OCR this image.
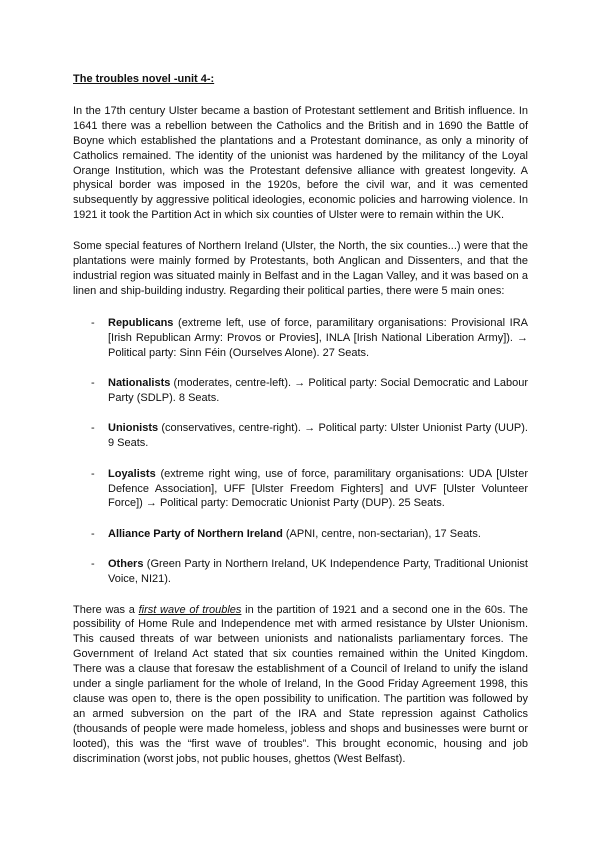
The troubles novel -unit 4-:

In the 17th century Ulster became a bastion of Protestant settlement and British influence. In 1641 there was a rebellion between the Catholics and the British and in 1690 the Battle of Boyne which established the plantations and a Protestant dominance, as only a minority of Catholics remained. The identity of the unionist was hardened by the militancy of the Loyal Orange Institution, which was the Protestant defensive alliance with greatest longevity. A physical border was imposed in the 1920s, before the civil war, and it was cemented subsequently by aggressive political ideologies, economic policies and harrowing violence. In 1921 it took the Partition Act in which six counties of Ulster were to remain within the UK.

Some special features of Northern Ireland (Ulster, the North, the six counties...) were that the plantations were mainly formed by Protestants, both Anglican and Dissenters, and that the industrial region was situated mainly in Belfast and in the Lagan Valley, and it was based on a linen and ship-building industry. Regarding their political parties, there were 5 main ones:

- Republicans (extreme left, use of force, paramilitary organisations: Provisional IRA [Irish Republican Army: Provos or Provies], INLA [Irish National Liberation Army]). → Political party: Sinn Féin (Ourselves Alone). 27 Seats.
- Nationalists (moderates, centre-left). → Political party: Social Democratic and Labour Party (SDLP). 8 Seats.
- Unionists (conservatives, centre-right). → Political party: Ulster Unionist Party (UUP). 9 Seats.
- Loyalists (extreme right wing, use of force, paramilitary organisations: UDA [Ulster Defence Association], UFF [Ulster Freedom Fighters] and UVF [Ulster Volunteer Force]) → Political party: Democratic Unionist Party (DUP). 25 Seats.
- Alliance Party of Northern Ireland (APNI, centre, non-sectarian), 17 Seats.
- Others (Green Party in Northern Ireland, UK Independence Party, Traditional Unionist Voice, NI21).

There was a first wave of troubles in the partition of 1921 and a second one in the 60s. The possibility of Home Rule and Independence met with armed resistance by Ulster Unionism. This caused threats of war between unionists and nationalists parliamentary forces. The Government of Ireland Act stated that six counties remained within the United Kingdom. There was a clause that foresaw the establishment of a Council of Ireland to unify the island under a single parliament for the whole of Ireland, In the Good Friday Agreement 1998, this clause was open to, there is the open possibility to unification. The partition was followed by an armed subversion on the part of the IRA and State repression against Catholics (thousands of people were made homeless, jobless and shops and businesses were burnt or looted), this was the “first wave of troubles”. This brought economic, housing and job discrimination (worst jobs, not public houses, ghettos (West Belfast).
